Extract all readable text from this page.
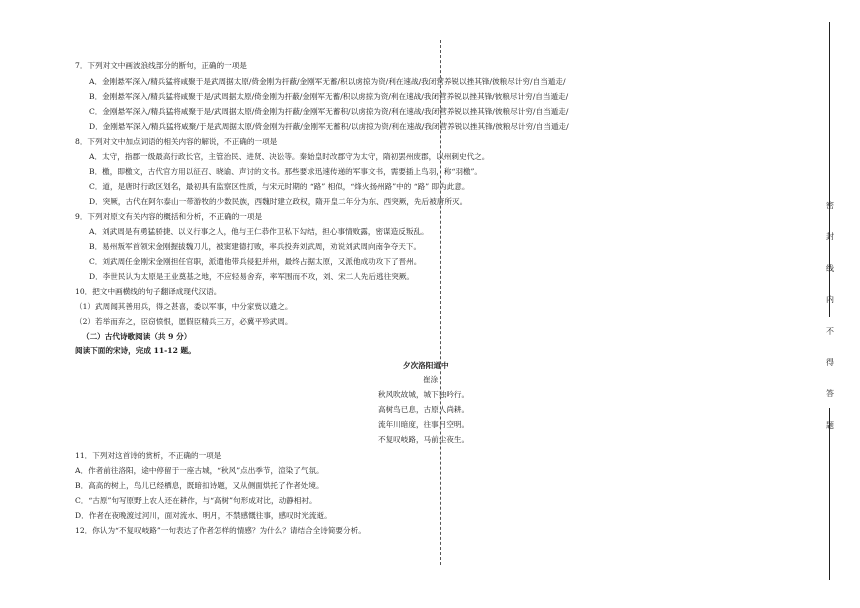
7．下列对文中画波浪线部分的断句，正确的一项是
A．金刚悬军深入/精兵猛将咸聚于是武周据太原/倚金刚为扞蔽/金刚军无蓄/积以虏掠为资/利在速战/我闭营养锐以挫其锋/彼粮尽计穷/自当遁走/
B．金刚悬军深入/精兵猛将咸聚于是/武周据太原/倚金刚为扞蔽/金刚军无蓄/积以虏掠为资/利在速战/我闭营养锐以挫其锋/彼粮尽计穷/自当遁走/
C．金刚悬军深入/精兵猛将咸聚于是/武周据太原/倚金刚为扞蔽/金刚军无蓄积/以虏掠为资/利在速战/我闭营养锐以挫其锋/彼粮尽计穷/自当遁走/
D．金刚悬军深入/精兵猛将咸聚/于是武周据太原/倚金刚为扞蔽/金刚军无蓄积/以虏掠为资/利在速战/我闭营养锐以挫其锋/彼粮尽计穷/自当遁走/
8．下列对文中加点词语的相关内容的解说，不正确的一项是
A．太守，指郡一级最高行政长官，主管治民、进贤、决讼等。秦始皇时改郡守为太守，隋初罢州废郡，以州刺史代之。
B．檄，即檄文，古代官方用以征召、晓谕、声讨的文书。那些要求迅速传递的军事文书，需要插上鸟羽，称“羽檄”。
C．道，是唐时行政区划名，最初具有监察区性质，与宋元时期的 “路” 相似，“烽火扬州路”中的 “路” 即为此意。
D．突厥，古代在阿尔泰山一带游牧的少数民族，西魏时建立政权，隋开皇二年分为东、西突厥，先后被唐所灭。
9．下列对原文有关内容的概括和分析，不正确的一项是
A．刘武周是有勇猛骄捷、以义行事之人，他与王仁恭作卫私下勾结，担心事情败露，密谋造反叛乱。
B．易州叛军首领宋金刚握拔魏刀儿，被窦建德打败，率兵投奔刘武周，劝说刘武周向南争夺天下。
C．刘武周任金刚宋金刚担任官职，派遣他带兵侵犯并州，最终占据太原，又派他成功攻下了晋州。
D．李世民认为太原是王业奠基之地，不应轻易舍弃，率军围而不攻，刘、宋二人先后逃往突厥。
10．把文中画横线的句子翻译成现代汉语。
（1）武周闻其善用兵，得之甚喜，委以军事，中分家赀以遗之。
（2）若举而弃之，臣窃愤恨，愿假臣精兵三万，必冀平殄武周。
（二）古代诗歌阅读（共 9 分）
阅读下面的宋诗，完成 11-12 题。
夕次洛阳道中
崔涂
秋风吹故城，城下独吟行。
高树鸟已息，古原人尚耕。
流年川暗度，往事月空明。
不复叹岐路，马前尘夜生。
11．下列对这首诗的赏析，不正确的一项是
A．作者前往洛阳，途中停留于一座古城，“秋风”点出季节，渲染了气氛。
B．高高的树上，鸟儿已经栖息，既暗扣诗题，又从侧面烘托了作者处境。
C．“古原”句写原野上农人还在耕作，与“高树”句形成对比，动静相衬。
D．作者在夜晚渡过河川，面对流水、明月，不禁感慨往事，感叹时光流逝。
12．你认为“不复叹岐路”一句表达了作者怎样的情感？为什么？请结合全诗简要分析。
密
封
线
内
不
得
答
题
